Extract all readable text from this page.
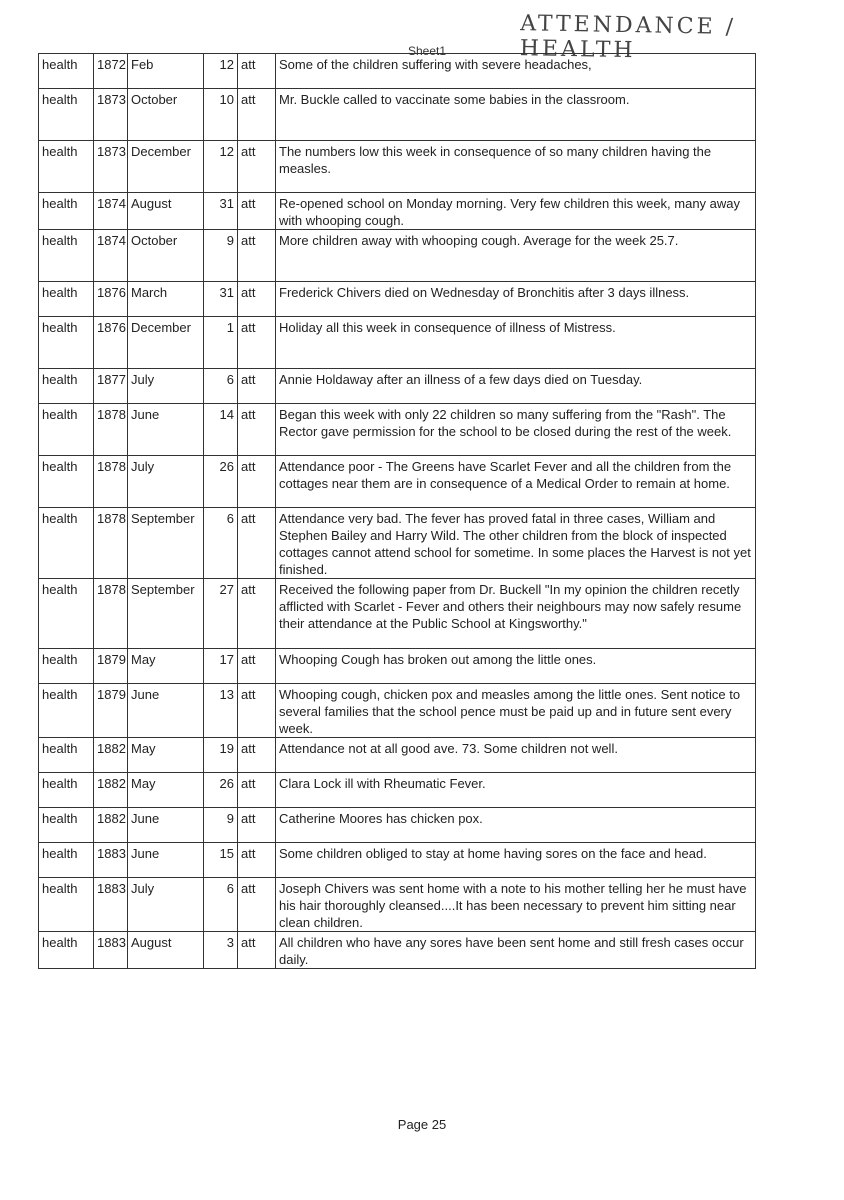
ATTENDANCE / HEALTH
Sheet1
health	1872	Feb	12	att	Some of the children suffering with severe headaches,
health	1873	October	10	att	Mr. Buckle called to vaccinate some babies in the classroom.
health	1873	December	12	att	The numbers low this week in consequence of so many children having the measles.
health	1874	August	31	att	Re-opened school on Monday morning. Very few children this week, many away with whooping cough.
health	1874	October	9	att	More children away with whooping cough. Average for the week 25.7.
health	1876	March	31	att	Frederick Chivers died on Wednesday of Bronchitis after 3 days illness.
health	1876	December	1	att	Holiday all this week in consequence of illness of Mistress.
health	1877	July	6	att	Annie Holdaway after an illness of a few days died on Tuesday.
health	1878	June	14	att	Began this week with only 22 children so many suffering from the "Rash". The Rector gave permission for the school to be closed during the rest of the week.
health	1878	July	26	att	Attendance poor - The Greens have Scarlet Fever and all the children from the cottages near them are in consequence of a Medical Order to remain at home.
health	1878	September	6	att	Attendance very bad. The fever has proved fatal in three cases, William and Stephen Bailey and Harry Wild. The other children from the block of inspected cottages cannot attend school for sometime. In some places the Harvest is not yet finished.
health	1878	September	27	att	Received the following paper from Dr. Buckell "In my opinion the children recetly afflicted with Scarlet - Fever and others their neighbours may now safely resume their attendance at the Public School at Kingsworthy."
health	1879	May	17	att	Whooping Cough has broken out among the little ones.
health	1879	June	13	att	Whooping cough, chicken pox and measles among the little ones. Sent notice to several families that the school pence must be paid up and in future sent every week.
health	1882	May	19	att	Attendance not at all good ave. 73. Some children not well.
health	1882	May	26	att	Clara Lock ill with Rheumatic Fever.
health	1882	June	9	att	Catherine Moores has chicken pox.
health	1883	June	15	att	Some children obliged to stay at home having sores on the face and head.
health	1883	July	6	att	Joseph Chivers was sent home with a note to his mother telling her he must have his hair thoroughly cleansed....It has been necessary to prevent him sitting near clean children.
health	1883	August	3	att	All children who have any sores have been sent home and still fresh cases occur daily.
Page 25
